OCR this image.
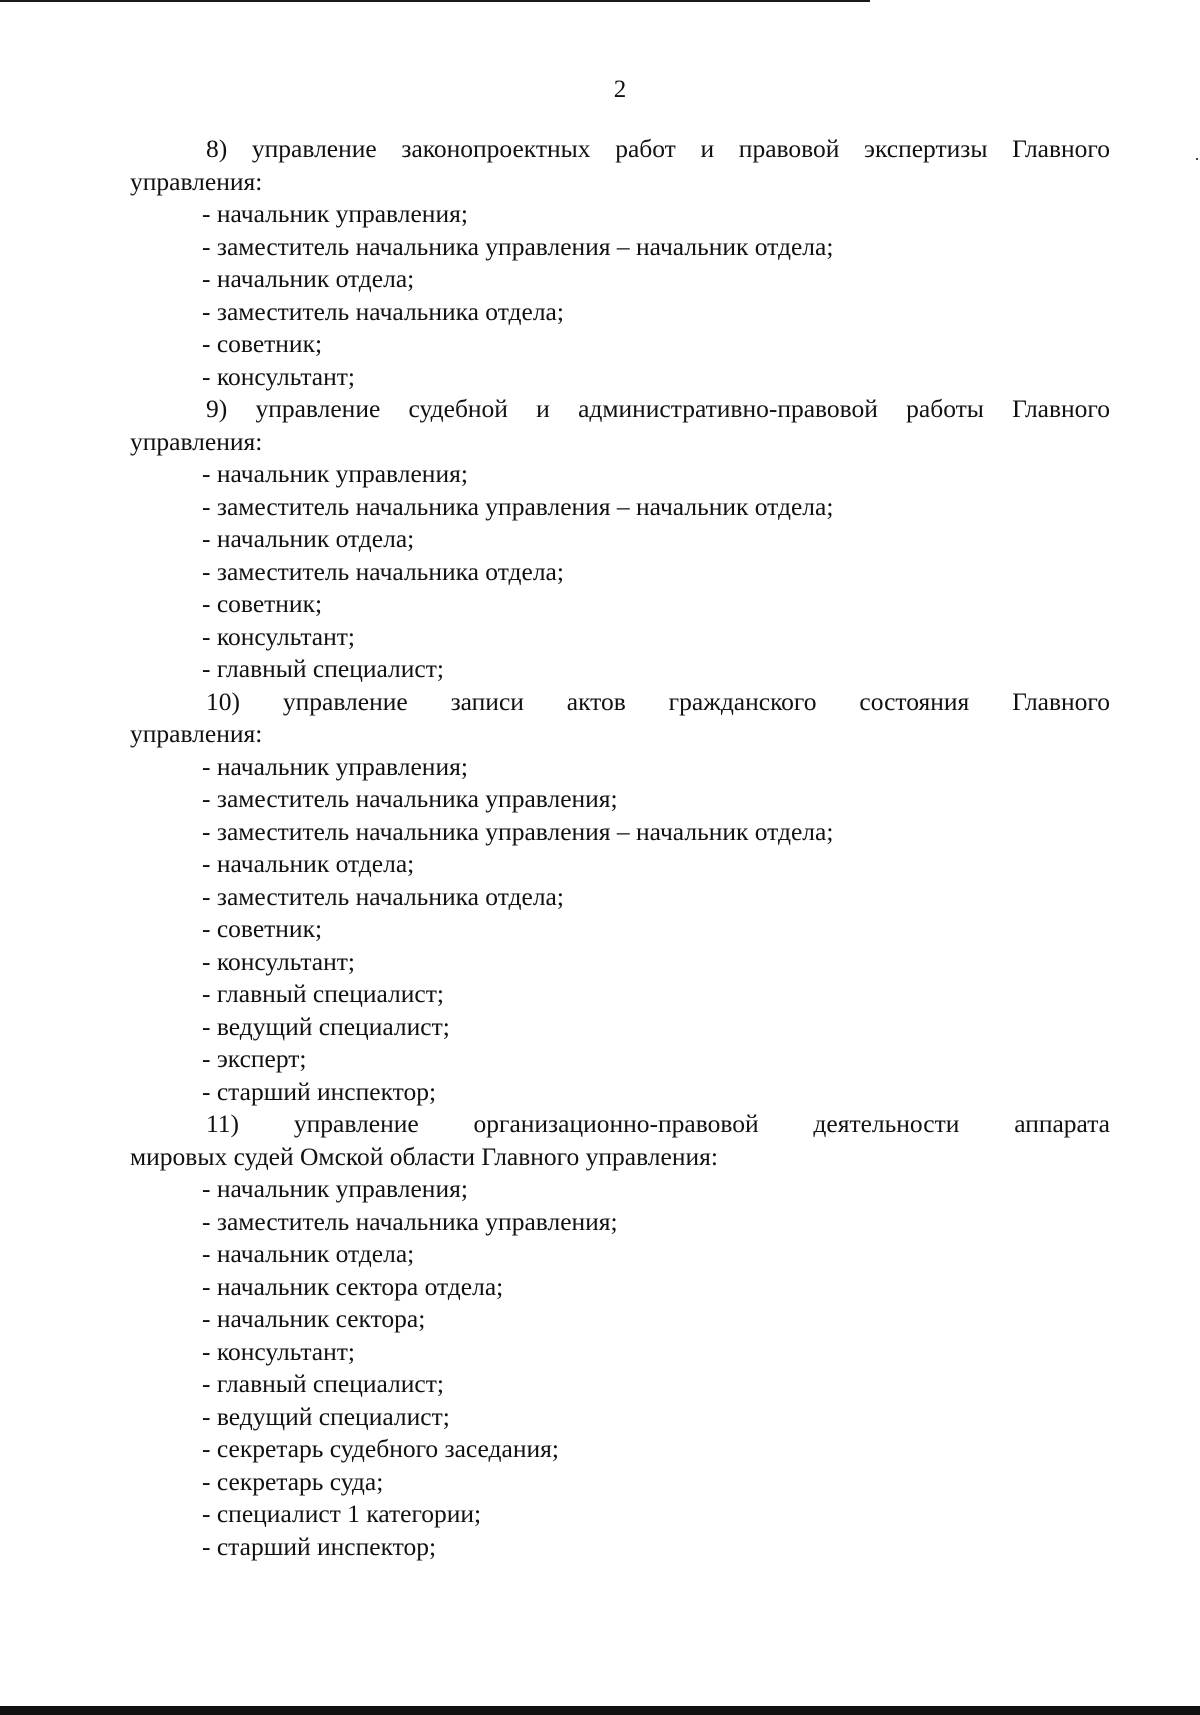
2

8) управление законопроектных работ и правовой экспертизы Главного

управления:

- начальник управления;
- заместитель начальника управления – начальник отдела;
- начальник отдела;
- заместитель начальника отдела;
- советник;
- консультант;

9) управление судебной и административно-правовой работы Главного

управления:

- начальник управления;
- заместитель начальника управления – начальник отдела;
- начальник отдела;
- заместитель начальника отдела;
- советник;
- консультант;
- главный специалист;

10) управление записи актов гражданского состояния Главного

управления:

- начальник управления;
- заместитель начальника управления;
- заместитель начальника управления – начальник отдела;
- начальник отдела;
- заместитель начальника отдела;
- советник;
- консультант;
- главный специалист;
- ведущий специалист;
- эксперт;
- старший инспектор;

11) управление организационно-правовой деятельности аппарата

мировых судей Омской области Главного управления:

- начальник управления;
- заместитель начальника управления;
- начальник отдела;
- начальник сектора отдела;
- начальник сектора;
- консультант;
- главный специалист;
- ведущий специалист;
- секретарь судебного заседания;
- секретарь суда;
- специалист 1 категории;
- старший инспектор;
